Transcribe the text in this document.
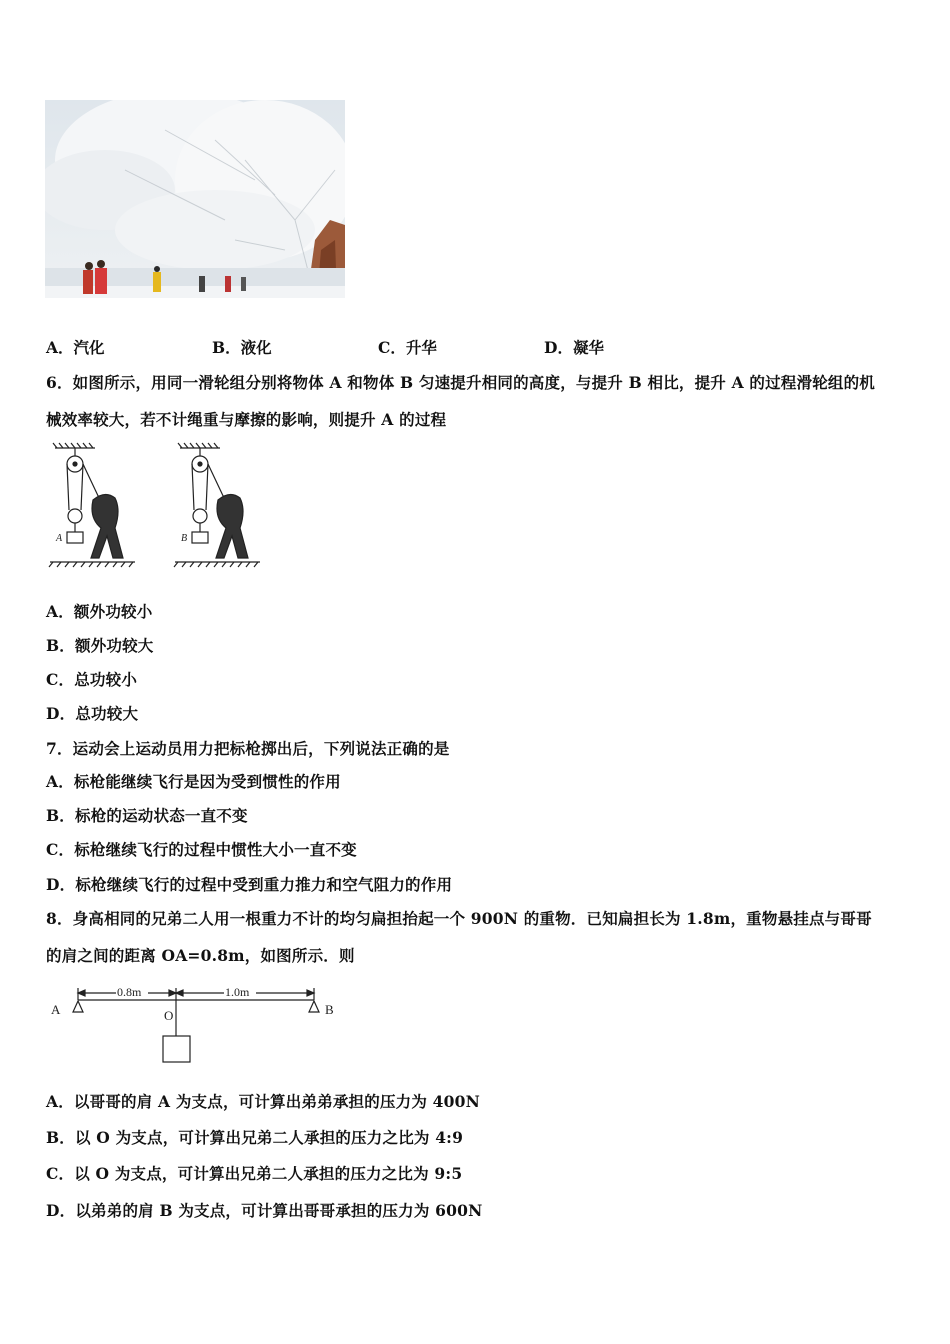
A．汽化	B．液化	C．升华	D．凝华
6．如图所示，用同一滑轮组分别将物体 A 和物体 B 匀速提升相同的高度，与提升 B 相比，提升 A 的过程滑轮组的机
械效率较大，若不计绳重与摩擦的影响，则提升 A 的过程
A	B
A．额外功较小
B．额外功较大
C．总功较小
D．总功较大
7．运动会上运动员用力把标枪掷出后，下列说法正确的是
A．标枪能继续飞行是因为受到惯性的作用
B．标枪的运动状态一直不变
C．标枪继续飞行的过程中惯性大小一直不变
D．标枪继续飞行的过程中受到重力推力和空气阻力的作用
8．身高相同的兄弟二人用一根重力不计的均匀扁担抬起一个 900N 的重物．已知扁担长为 1.8m，重物悬挂点与哥哥
的肩之间的距离 OA=0.8m，如图所示．则
0.8m	1.0m
A	O	B
A．以哥哥的肩 A 为支点，可计算出弟弟承担的压力为 400N
B．以 O 为支点，可计算出兄弟二人承担的压力之比为 4:9
C．以 O 为支点，可计算出兄弟二人承担的压力之比为 9:5
D．以弟弟的肩 B 为支点，可计算出哥哥承担的压力为 600N
